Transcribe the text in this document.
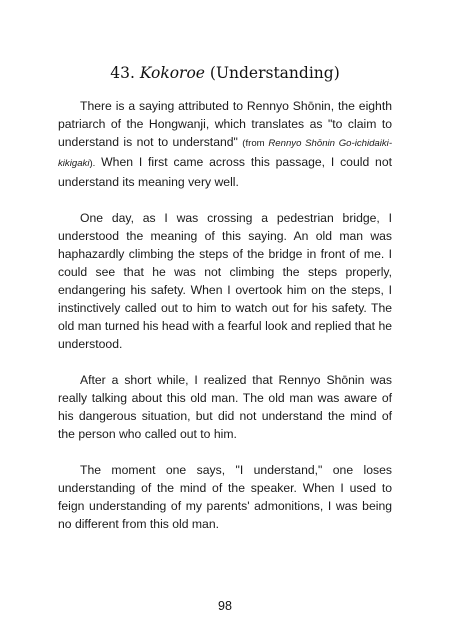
43. Kokoroe (Understanding)

There is a saying attributed to Rennyo Shōnin, the eighth patriarch of the Hongwanji, which translates as "to claim to understand is not to understand" (from Rennyo Shōnin Go-ichidaiki-kikigaki). When I first came across this passage, I could not understand its meaning very well.

One day, as I was crossing a pedestrian bridge, I understood the meaning of this saying. An old man was haphazardly climbing the steps of the bridge in front of me. I could see that he was not climbing the steps properly, endangering his safety. When I overtook him on the steps, I instinctively called out to him to watch out for his safety. The old man turned his head with a fearful look and replied that he understood.

After a short while, I realized that Rennyo Shōnin was really talking about this old man. The old man was aware of his dangerous situation, but did not understand the mind of the person who called out to him.

The moment one says, "I understand," one loses understanding of the mind of the speaker. When I used to feign understanding of my parents' admonitions, I was being no different from this old man.

98
